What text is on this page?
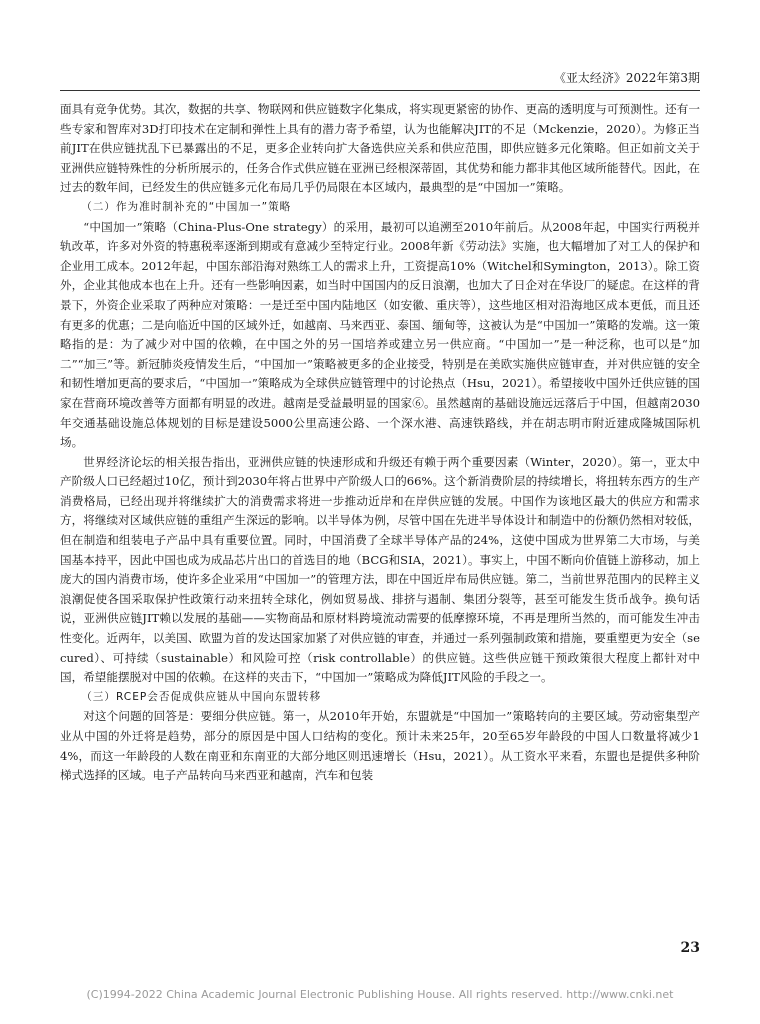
《亚太经济》2022年第3期

面具有竞争优势。其次，数据的共享、物联网和供应链数字化集成，将实现更紧密的协作、更高的透明度与可预测性。还有一些专家和智库对3D打印技术在定制和弹性上具有的潜力寄予希望，认为也能解决JIT的不足（Mckenzie，2020）。为修正当前JIT在供应链扰乱下已暴露出的不足，更多企业转向扩大备选供应关系和供应范围，即供应链多元化策略。但正如前文关于亚洲供应链特殊性的分析所展示的，任务合作式供应链在亚洲已经根深蒂固，其优势和能力都非其他区域所能替代。因此，在过去的数年间，已经发生的供应链多元化布局几乎仍局限在本区域内，最典型的是“中国加一”策略。

（二）作为准时制补充的“中国加一”策略

“中国加一”策略（China-Plus-One strategy）的采用，最初可以追溯至2010年前后。从2008年起，中国实行两税并轨改革，许多对外资的特惠税率逐渐到期或有意减少至特定行业。2008年新《劳动法》实施，也大幅增加了对工人的保护和企业用工成本。2012年起，中国东部沿海对熟练工人的需求上升，工资提高10%（Witchel和Symington，2013）。除工资外，企业其他成本也在上升。还有一些影响因素，如当时中国国内的反日浪潮，也加大了日企对在华设厂的疑虑。在这样的背景下，外资企业采取了两种应对策略：一是迁至中国内陆地区（如安徽、重庆等），这些地区相对沿海地区成本更低，而且还有更多的优惠；二是向临近中国的区域外迁，如越南、马来西亚、泰国、缅甸等，这被认为是“中国加一”策略的发端。这一策略指的是：为了减少对中国的依赖，在中国之外的另一国培养或建立另一供应商。“中国加一”是一种泛称，也可以是“加二”“加三”等。新冠肺炎疫情发生后，“中国加一”策略被更多的企业接受，特别是在美欧实施供应链审查，并对供应链的安全和韧性增加更高的要求后，“中国加一”策略成为全球供应链管理中的讨论热点（Hsu，2021）。希望接收中国外迁供应链的国家在营商环境改善等方面都有明显的改进。越南是受益最明显的国家⑥。虽然越南的基础设施远远落后于中国，但越南2030年交通基础设施总体规划的目标是建设5000公里高速公路、一个深水港、高速铁路线，并在胡志明市附近建成隆城国际机场。

世界经济论坛的相关报告指出，亚洲供应链的快速形成和升级还有赖于两个重要因素（Winter，2020）。第一，亚太中产阶级人口已经超过10亿，预计到2030年将占世界中产阶级人口的66%。这个新消费阶层的持续增长，将扭转东西方的生产消费格局，已经出现并将继续扩大的消费需求将进一步推动近岸和在岸供应链的发展。中国作为该地区最大的供应方和需求方，将继续对区域供应链的重组产生深远的影响。以半导体为例，尽管中国在先进半导体设计和制造中的份额仍然相对较低，但在制造和组装电子产品中具有重要位置。同时，中国消费了全球半导体产品的24%，这使中国成为世界第二大市场，与美国基本持平，因此中国也成为成品芯片出口的首选目的地（BCG和SIA，2021）。事实上，中国不断向价值链上游移动，加上庞大的国内消费市场，使许多企业采用“中国加一”的管理方法，即在中国近岸布局供应链。第二，当前世界范围内的民粹主义浪潮促使各国采取保护性政策行动来扭转全球化，例如贸易战、排挤与遏制、集团分裂等，甚至可能发生货币战争。换句话说，亚洲供应链JIT赖以发展的基础——实物商品和原材料跨境流动需要的低摩擦环境，不再是理所当然的，而可能发生冲击性变化。近两年，以美国、欧盟为首的发达国家加紧了对供应链的审查，并通过一系列强制政策和措施，要重塑更为安全（secured）、可持续（sustainable）和风险可控（risk controllable）的供应链。这些供应链干预政策很大程度上都针对中国，希望能摆脱对中国的依赖。在这样的夹击下，“中国加一”策略成为降低JIT风险的手段之一。

（三）RCEP会否促成供应链从中国向东盟转移

对这个问题的回答是：要细分供应链。第一，从2010年开始，东盟就是“中国加一”策略转向的主要区域。劳动密集型产业从中国的外迁将是趋势，部分的原因是中国人口结构的变化。预计未来25年，20至65岁年龄段的中国人口数量将减少14%，而这一年龄段的人数在南亚和东南亚的大部分地区则迅速增长（Hsu，2021）。从工资水平来看，东盟也是提供多种阶梯式选择的区域。电子产品转向马来西亚和越南，汽车和包装

23
(C)1994-2022 China Academic Journal Electronic Publishing House. All rights reserved. http://www.cnki.net
